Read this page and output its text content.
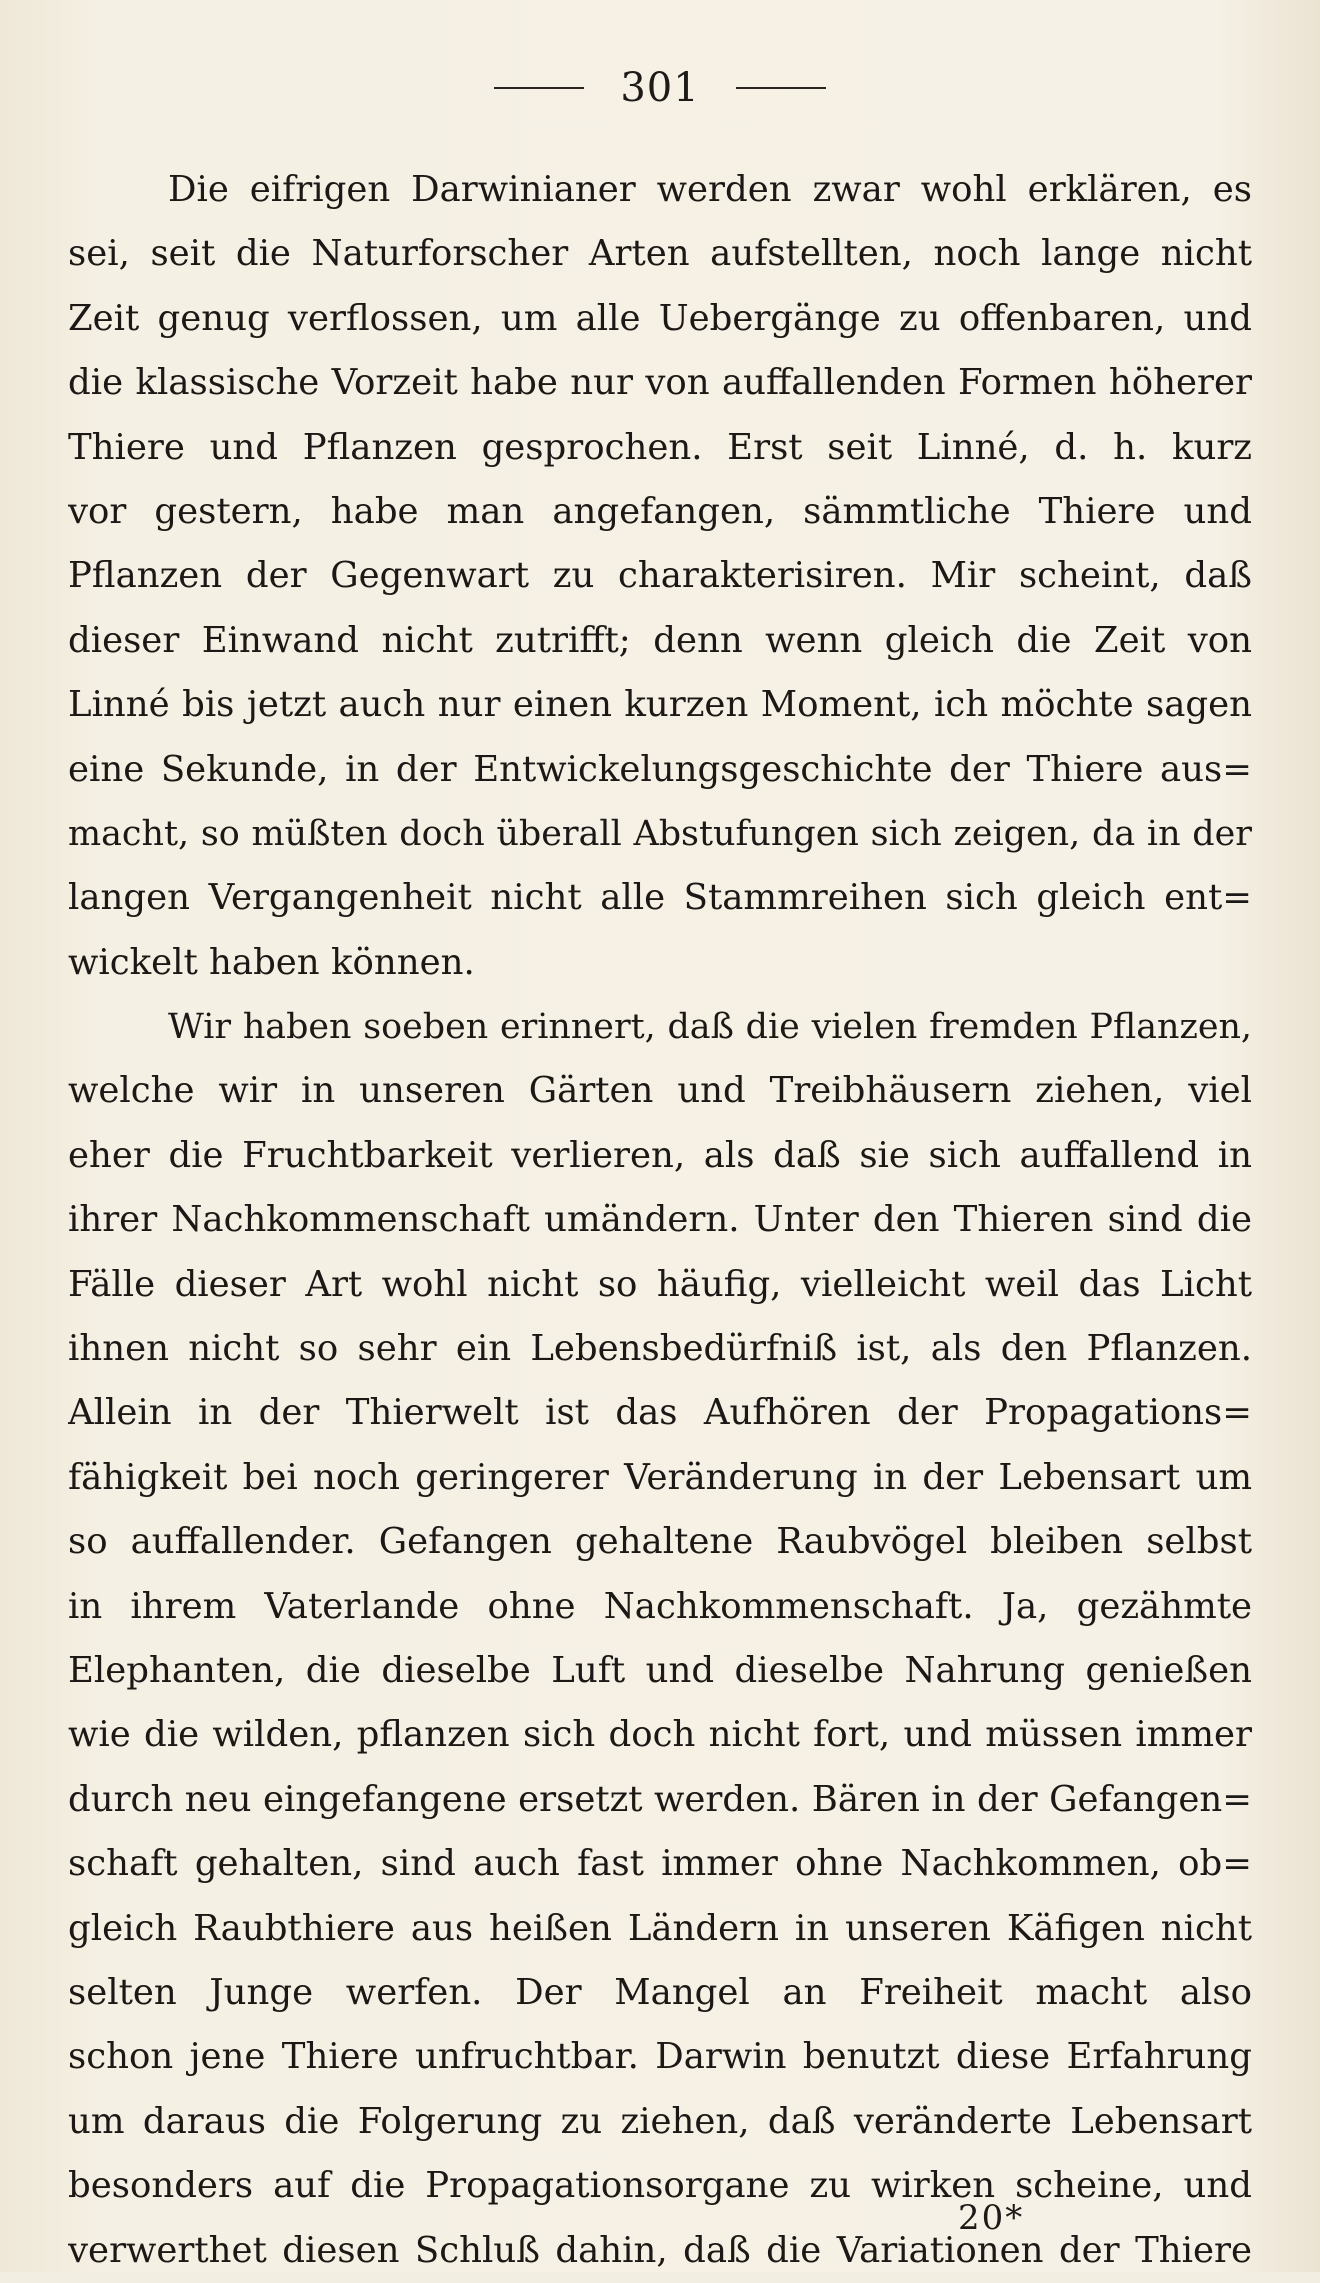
301

Die eifrigen Darwinianer werden zwar wohl erklären, es
sei, seit die Naturforscher Arten aufstellten, noch lange nicht
Zeit genug verflossen, um alle Uebergänge zu offenbaren, und
die klassische Vorzeit habe nur von auffallenden Formen höherer
Thiere und Pflanzen gesprochen. Erst seit Linné, d. h. kurz
vor gestern, habe man angefangen, sämmtliche Thiere und
Pflanzen der Gegenwart zu charakterisiren. Mir scheint, daß
dieser Einwand nicht zutrifft; denn wenn gleich die Zeit von
Linné bis jetzt auch nur einen kurzen Moment, ich möchte sagen
eine Sekunde, in der Entwickelungsgeschichte der Thiere aus=
macht, so müßten doch überall Abstufungen sich zeigen, da in der
langen Vergangenheit nicht alle Stammreihen sich gleich ent=
wickelt haben können.

Wir haben soeben erinnert, daß die vielen fremden Pflanzen,
welche wir in unseren Gärten und Treibhäusern ziehen, viel
eher die Fruchtbarkeit verlieren, als daß sie sich auffallend in
ihrer Nachkommenschaft umändern. Unter den Thieren sind die
Fälle dieser Art wohl nicht so häufig, vielleicht weil das Licht
ihnen nicht so sehr ein Lebensbedürfniß ist, als den Pflanzen.
Allein in der Thierwelt ist das Aufhören der Propagations=
fähigkeit bei noch geringerer Veränderung in der Lebensart um
so auffallender. Gefangen gehaltene Raubvögel bleiben selbst
in ihrem Vaterlande ohne Nachkommenschaft. Ja, gezähmte
Elephanten, die dieselbe Luft und dieselbe Nahrung genießen
wie die wilden, pflanzen sich doch nicht fort, und müssen immer
durch neu eingefangene ersetzt werden. Bären in der Gefangen=
schaft gehalten, sind auch fast immer ohne Nachkommen, ob=
gleich Raubthiere aus heißen Ländern in unseren Käfigen nicht
selten Junge werfen. Der Mangel an Freiheit macht also
schon jene Thiere unfruchtbar. Darwin benutzt diese Erfahrung
um daraus die Folgerung zu ziehen, daß veränderte Lebensart
besonders auf die Propagationsorgane zu wirken scheine, und
verwerthet diesen Schluß dahin, daß die Variationen der Thiere

20*
